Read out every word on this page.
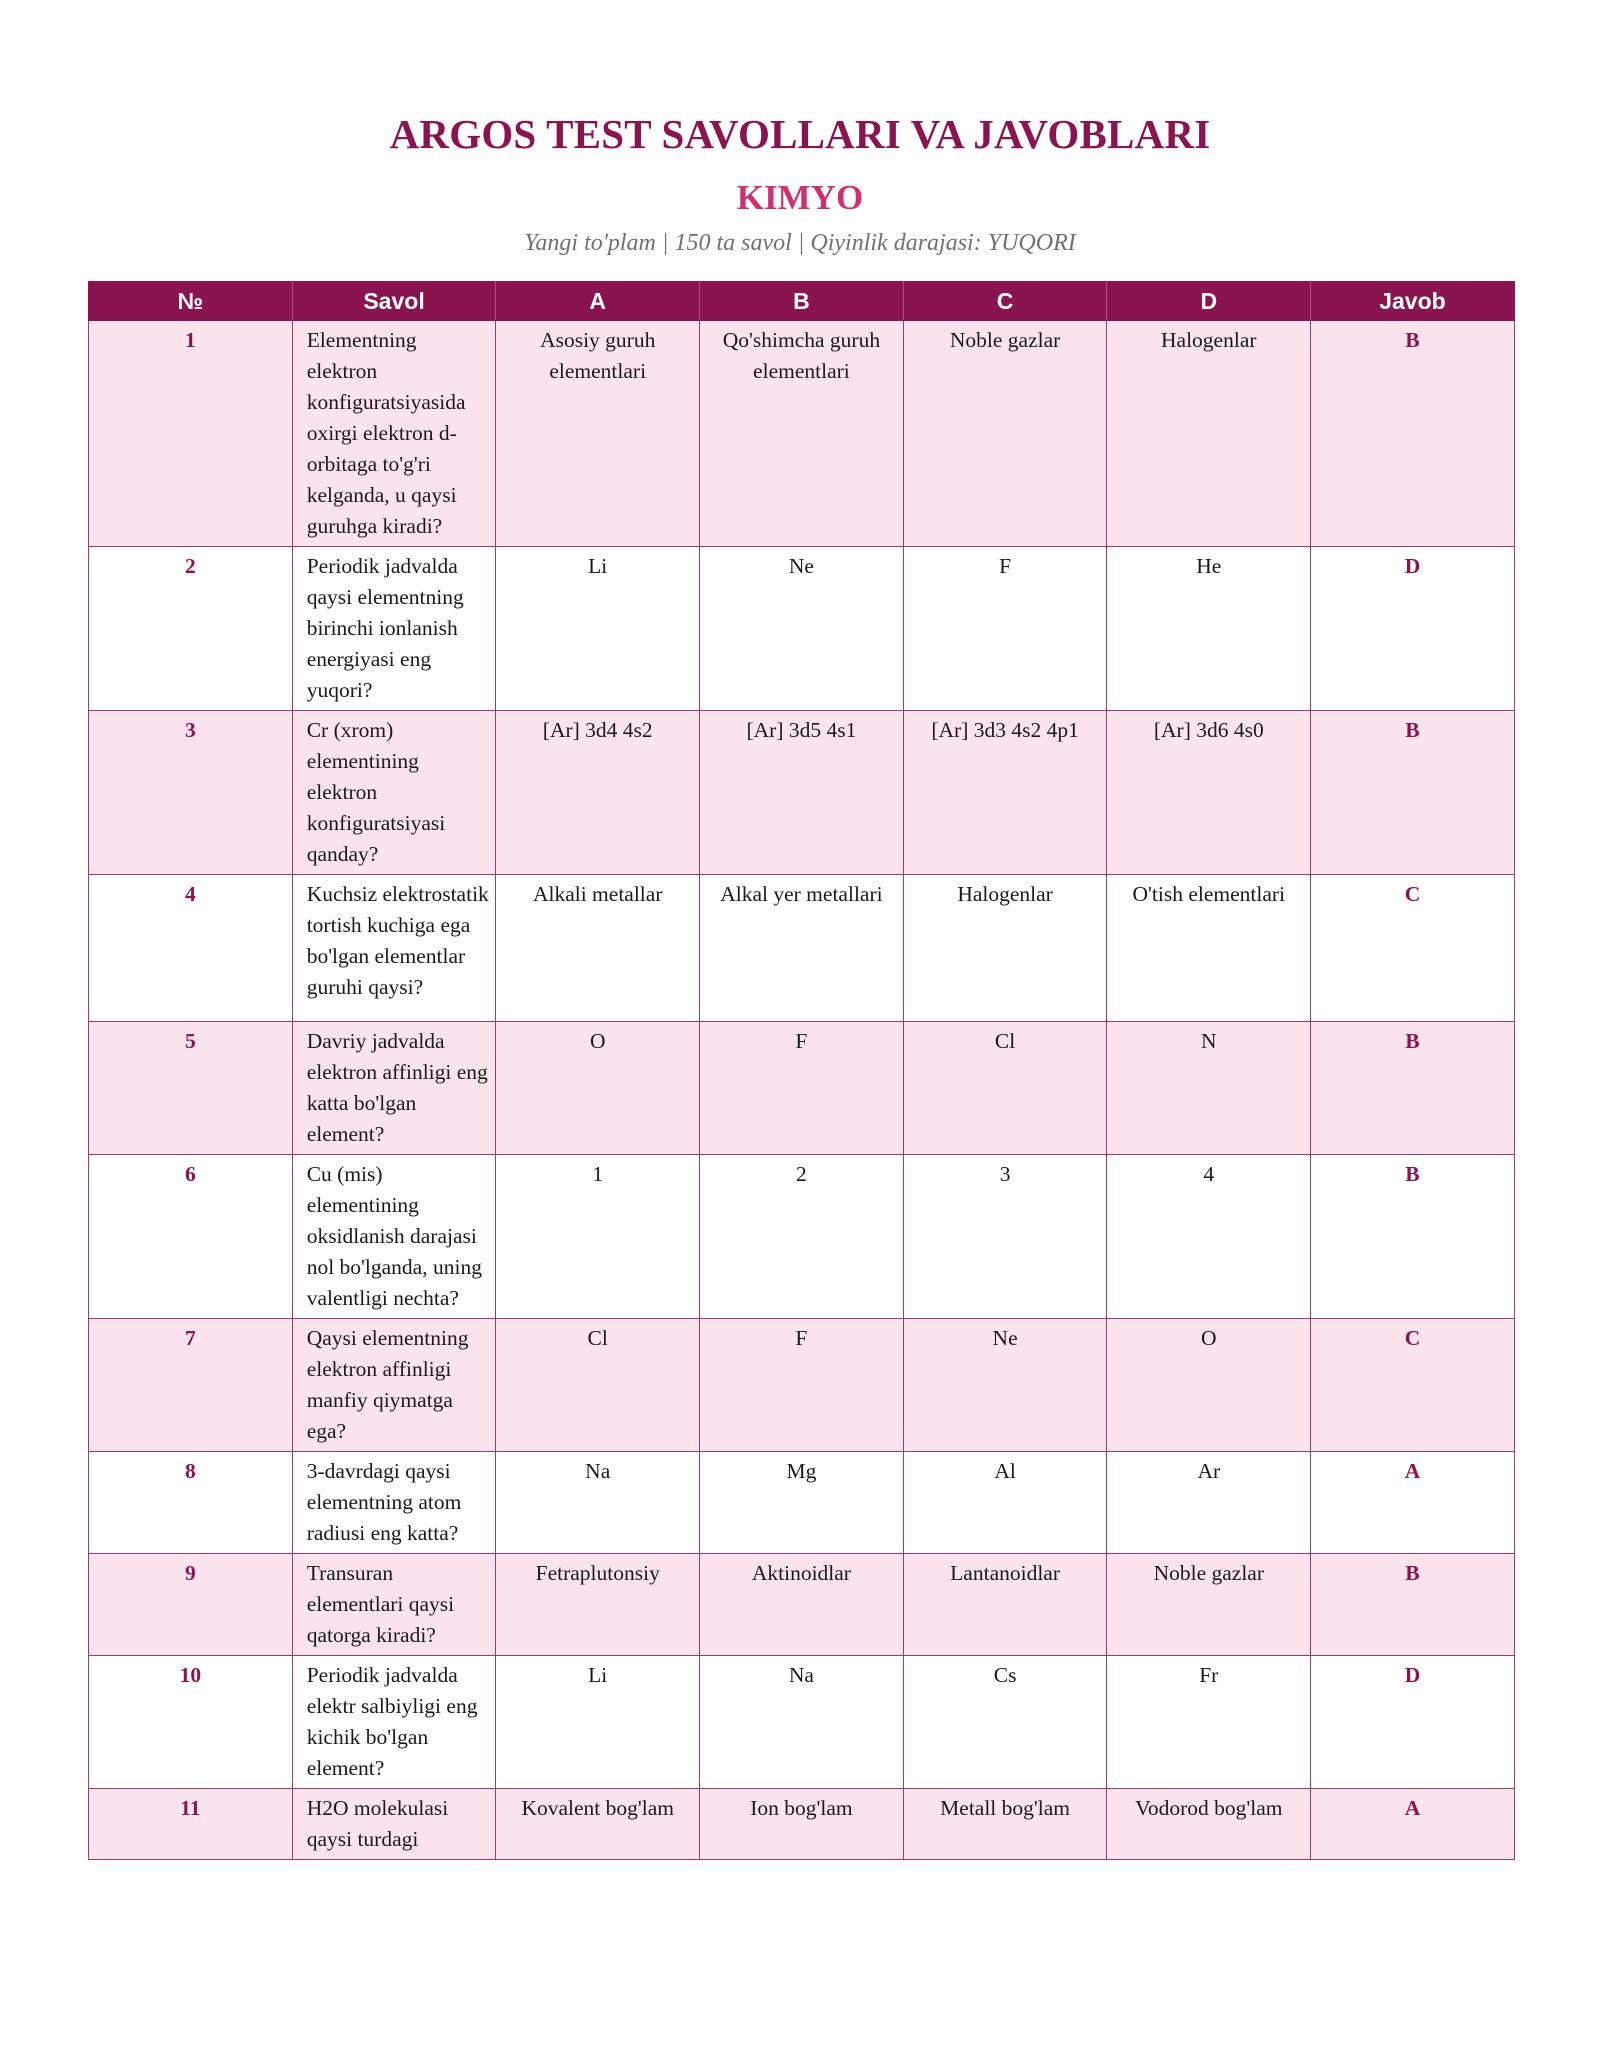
ARGOS TEST SAVOLLARI VA JAVOBLARI
KIMYO
Yangi to'plam | 150 ta savol | Qiyinlik darajasi: YUQORI
№	Savol	A	B	C	D	Javob
1	Elementning elektron konfiguratsiyasida oxirgi elektron d-orbitaga to'g'ri kelganda, u qaysi guruhga kiradi?	Asosiy guruh elementlari	Qo'shimcha guruh elementlari	Noble gazlar	Halogenlar	B
2	Periodik jadvalda qaysi elementning birinchi ionlanish energiyasi eng yuqori?	Li	Ne	F	He	D
3	Cr (xrom) elementining elektron konfiguratsiyasi qanday?	[Ar] 3d4 4s2	[Ar] 3d5 4s1	[Ar] 3d3 4s2 4p1	[Ar] 3d6 4s0	B
4	Kuchsiz elektrostatik tortish kuchiga ega bo'lgan elementlar guruhi qaysi?	Alkali metallar	Alkal yer metallari	Halogenlar	O'tish elementlari	C
5	Davriy jadvalda elektron affinligi eng katta bo'lgan element?	O	F	Cl	N	B
6	Cu (mis) elementining oksidlanish darajasi nol bo'lganda, uning valentligi nechta?	1	2	3	4	B
7	Qaysi elementning elektron affinligi manfiy qiymatga ega?	Cl	F	Ne	O	C
8	3-davrdagi qaysi elementning atom radiusi eng katta?	Na	Mg	Al	Ar	A
9	Transuran elementlari qaysi qatorga kiradi?	Fetraplutonsiy	Aktinoidlar	Lantanoidlar	Noble gazlar	B
10	Periodik jadvalda elektr salbiyligi eng kichik bo'lgan element?	Li	Na	Cs	Fr	D
11	H2O molekulasi qaysi turdagi	Kovalent bog'lam	Ion bog'lam	Metall bog'lam	Vodorod bog'lam	A
